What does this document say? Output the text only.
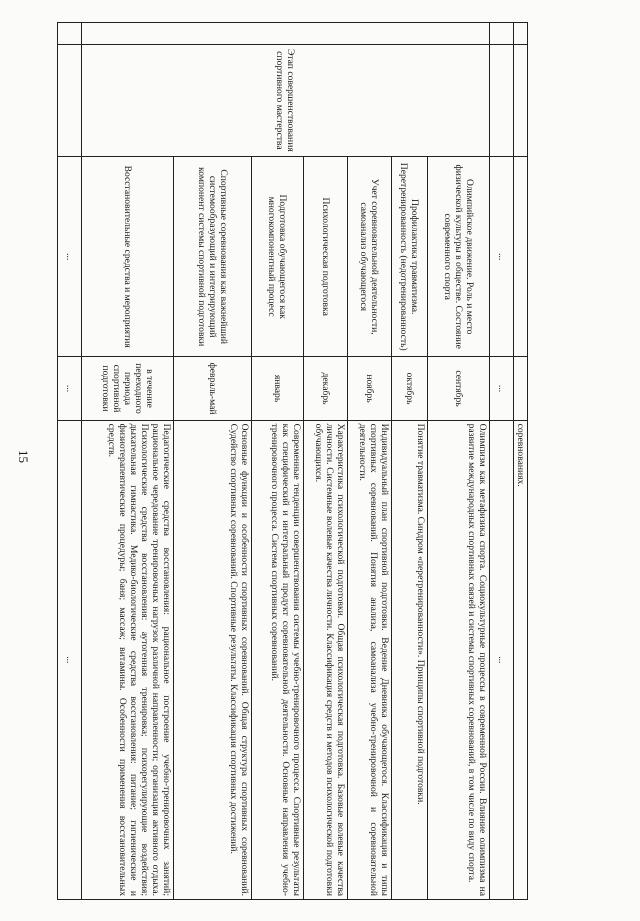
15
					соревнованиях.
		...	...	...
	Этап совершенствования спортивного мастерства	Олимпийское движение. Роль и место физической культуры в обществе. Состояние современного спорта	сентябрь	Олимпизм как метафизика спорта. Социокультурные процессы в современной России. Влияние олимпизма на развитие международных спортивных связей и системы спортивных соревнований, в том числе по виду спорта.
		Профилактика травматизма. Перетренированность (недотренированность)	октябрь	Понятие травматизма. Синдром «перетренированности». Принципы спортивной подготовки.
		Учет соревновательной деятельности, самоанализ обучающегося	ноябрь	Индивидуальный план спортивной подготовки. Ведение Дневника обучающегося. Классификация и типы спортивных соревнований. Понятия анализа, самоанализа учебно-тренировочной и соревновательной деятельности.
		Психологическая подготовка	декабрь	Характеристика психологической подготовки. Общая психологическая подготовка. Базовые волевые качества личности. Системные волевые качества личности. Классификация средств и методов психологической подготовки обучающихся.
		Подготовка обучающегося как многокомпонентный процесс	январь	Современные тенденции совершенствования системы учебно-тренировочного процесса. Спортивные результаты как специфический и интегральный продукт соревновательной деятельности. Основные направления учебно-тренировочного процесса. Система спортивных соревнований.
		Спортивные соревнования как важнейший системообразующий и интегрирующий компонент системы спортивной подготовки	февраль-май	Основные функции и особенности спортивных соревнований. Общая структура спортивных соревнований. Судейство спортивных соревнований. Спортивные результаты. Классификация спортивных достижений.
		Восстановительные средства и мероприятия	в течение переходного периода спортивной подготовки	Педагогические средства восстановления: рациональное построение учебно-тренировочных занятий; рациональное чередование тренировочных нагрузок различной направленности; организация активного отдыха. Психологические средства восстановления: аутогенная тренировка; психорегулирующие воздействия; дыхательная гимнастика. Медико-биологические средства восстановления: питание; гигиенические и физиотерапевтические процедуры; баня; массаж; витамины. Особенности применения восстановительных средств.
		...	...	...
